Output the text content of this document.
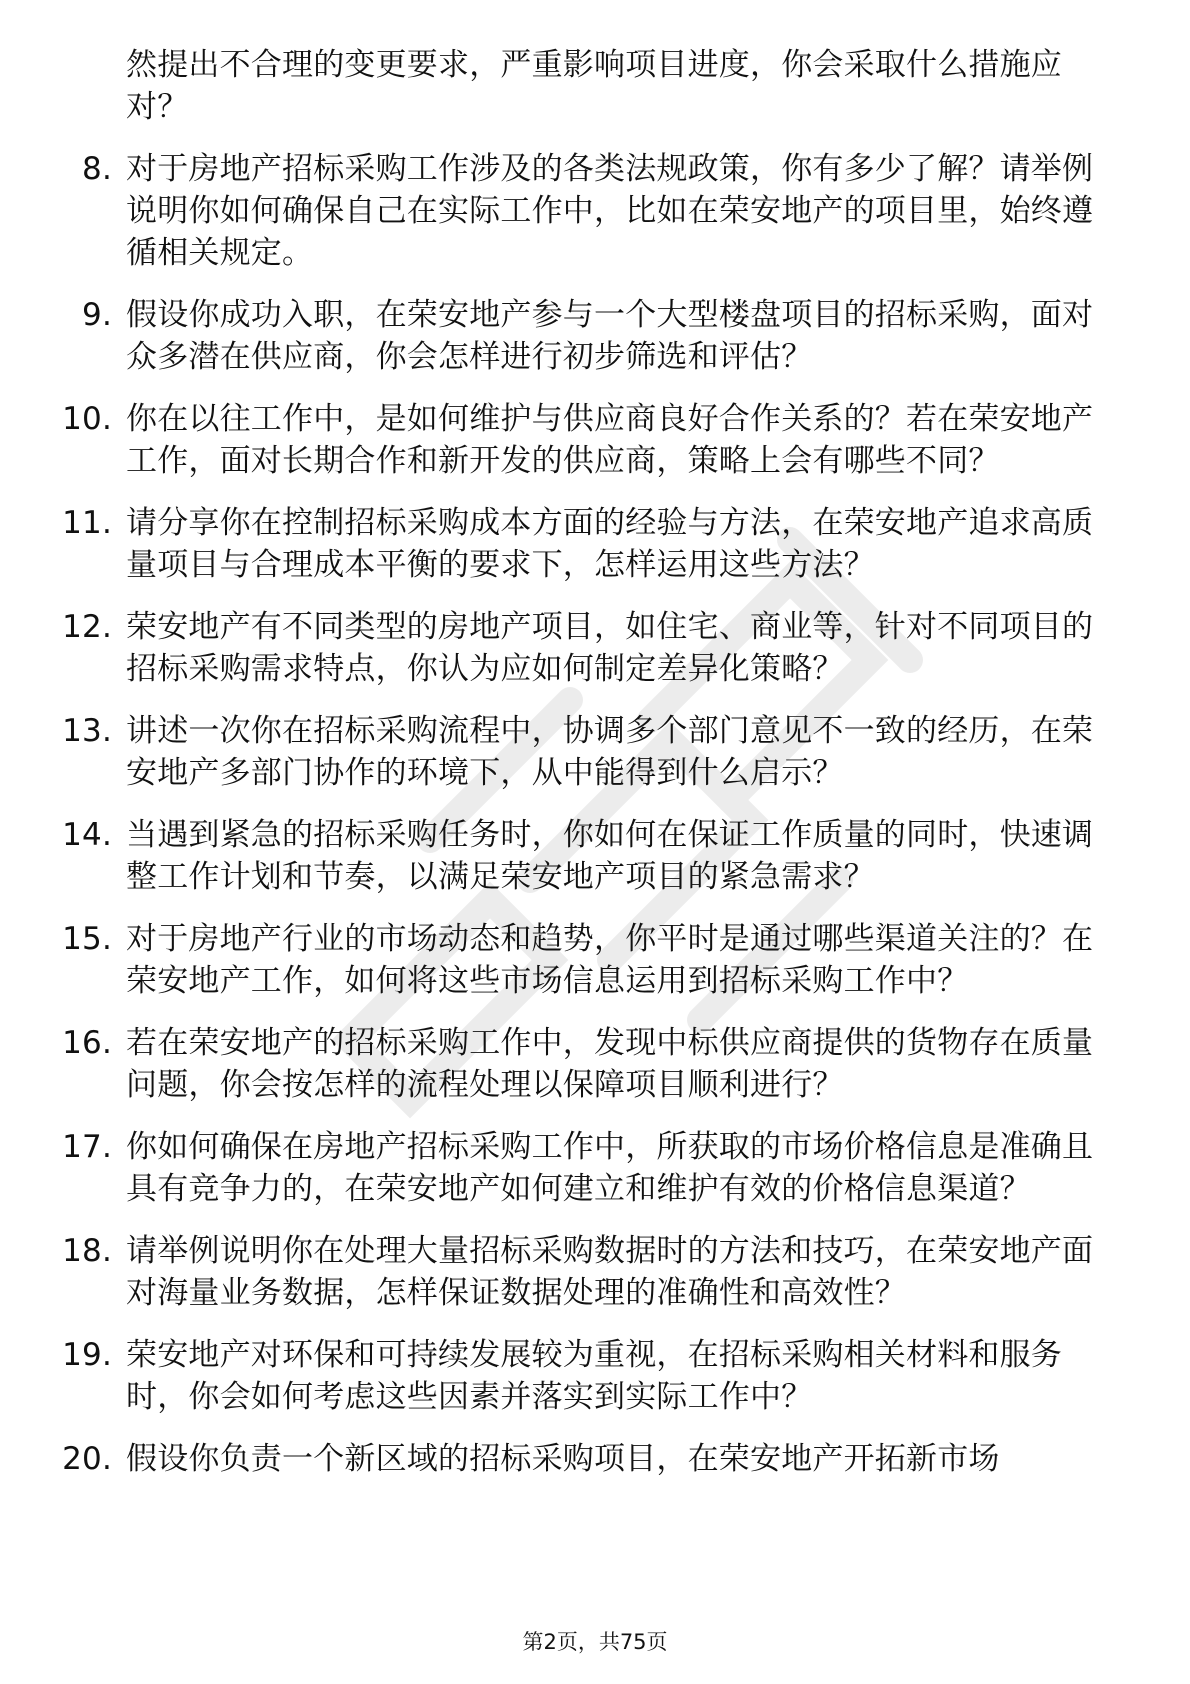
然提出不合理的变更要求，严重影响项目进度，你会采取什么措施应对？
8. 对于房地产招标采购工作涉及的各类法规政策，你有多少了解？请举例说明你如何确保自己在实际工作中，比如在荣安地产的项目里，始终遵循相关规定。
9. 假设你成功入职，在荣安地产参与一个大型楼盘项目的招标采购，面对众多潜在供应商，你会怎样进行初步筛选和评估？
10. 你在以往工作中，是如何维护与供应商良好合作关系的？若在荣安地产工作，面对长期合作和新开发的供应商，策略上会有哪些不同？
11. 请分享你在控制招标采购成本方面的经验与方法，在荣安地产追求高质量项目与合理成本平衡的要求下，怎样运用这些方法？
12. 荣安地产有不同类型的房地产项目，如住宅、商业等，针对不同项目的招标采购需求特点，你认为应如何制定差异化策略？
13. 讲述一次你在招标采购流程中，协调多个部门意见不一致的经历，在荣安地产多部门协作的环境下，从中能得到什么启示？
14. 当遇到紧急的招标采购任务时，你如何在保证工作质量的同时，快速调整工作计划和节奏，以满足荣安地产项目的紧急需求？
15. 对于房地产行业的市场动态和趋势，你平时是通过哪些渠道关注的？在荣安地产工作，如何将这些市场信息运用到招标采购工作中？
16. 若在荣安地产的招标采购工作中，发现中标供应商提供的货物存在质量问题，你会按怎样的流程处理以保障项目顺利进行？
17. 你如何确保在房地产招标采购工作中，所获取的市场价格信息是准确且具有竞争力的，在荣安地产如何建立和维护有效的价格信息渠道？
18. 请举例说明你在处理大量招标采购数据时的方法和技巧，在荣安地产面对海量业务数据，怎样保证数据处理的准确性和高效性？
19. 荣安地产对环保和可持续发展较为重视，在招标采购相关材料和服务时，你会如何考虑这些因素并落实到实际工作中？
20. 假设你负责一个新区域的招标采购项目，在荣安地产开拓新市场
第2页，共75页
